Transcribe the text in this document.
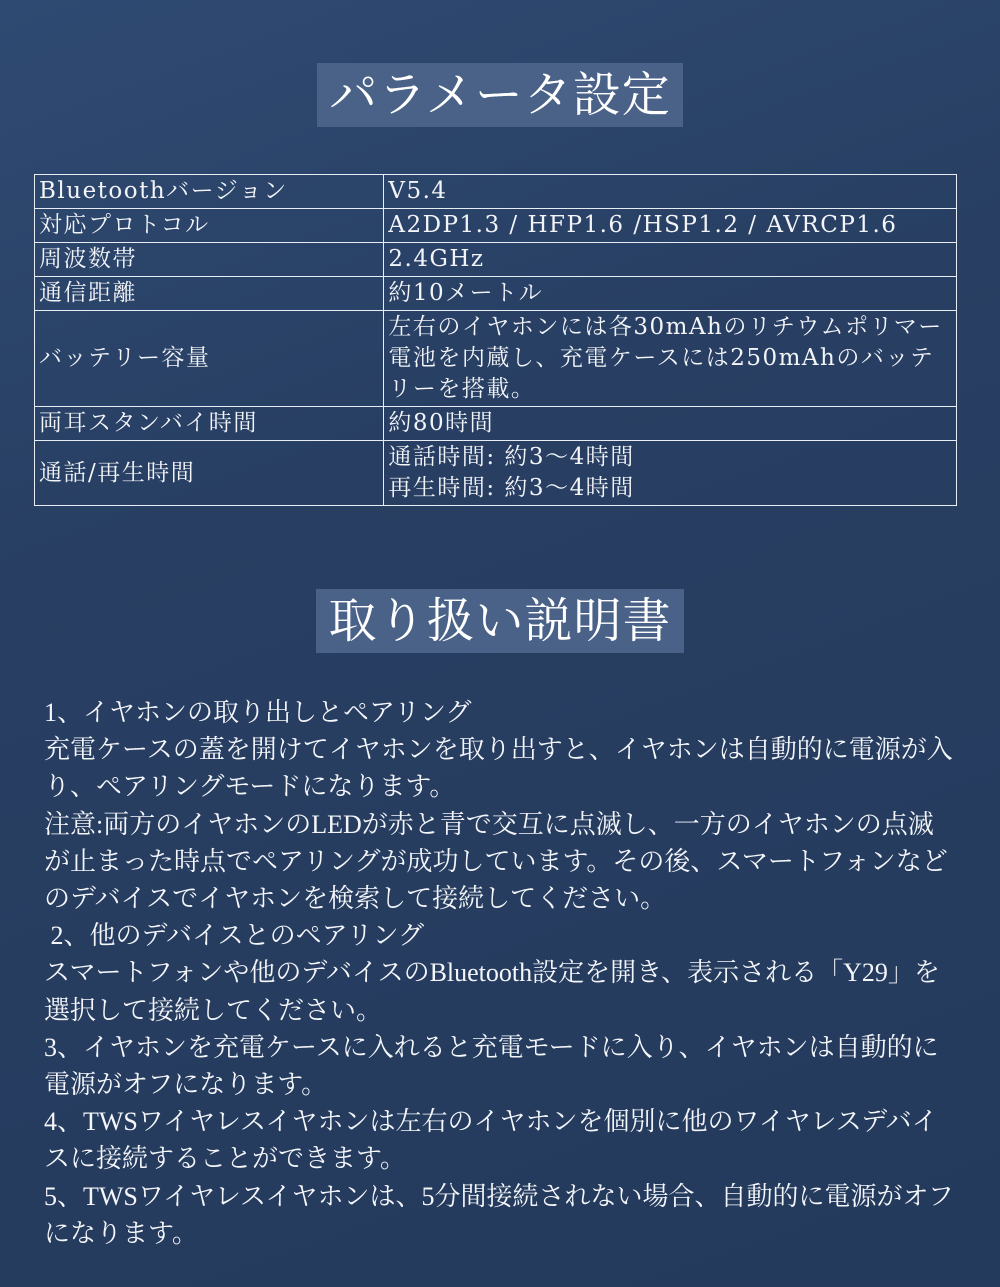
パラメータ設定
Bluetoothバージョン	V5.4
対応プロトコル	A2DP1.3 / HFP1.6 /HSP1.2 / AVRCP1.6
周波数帯	2.4GHz
通信距離	約10メートル
バッテリー容量	左右のイヤホンには各30mAhのリチウムポリマー電池を内蔵し、充電ケースには250mAhのバッテリーを搭載。
両耳スタンバイ時間	約80時間
通話/再生時間	通話時間: 約3～4時間
再生時間: 約3～4時間
取り扱い説明書

1、イヤホンの取り出しとペアリング

充電ケースの蓋を開けてイヤホンを取り出すと、イヤホンは自動的に電源が入り、ペアリングモードになります。

注意:両方のイヤホンのLEDが赤と青で交互に点滅し、一方のイヤホンの点滅が止まった時点でペアリングが成功しています。その後、スマートフォンなどのデバイスでイヤホンを検索して接続してください。

2、他のデバイスとのペアリング

スマートフォンや他のデバイスのBluetooth設定を開き、表示される「Y29」を選択して接続してください。

3、イヤホンを充電ケースに入れると充電モードに入り、イヤホンは自動的に電源がオフになります。

4、TWSワイヤレスイヤホンは左右のイヤホンを個別に他のワイヤレスデバイスに接続することができます。

5、TWSワイヤレスイヤホンは、5分間接続されない場合、自動的に電源がオフになります。
